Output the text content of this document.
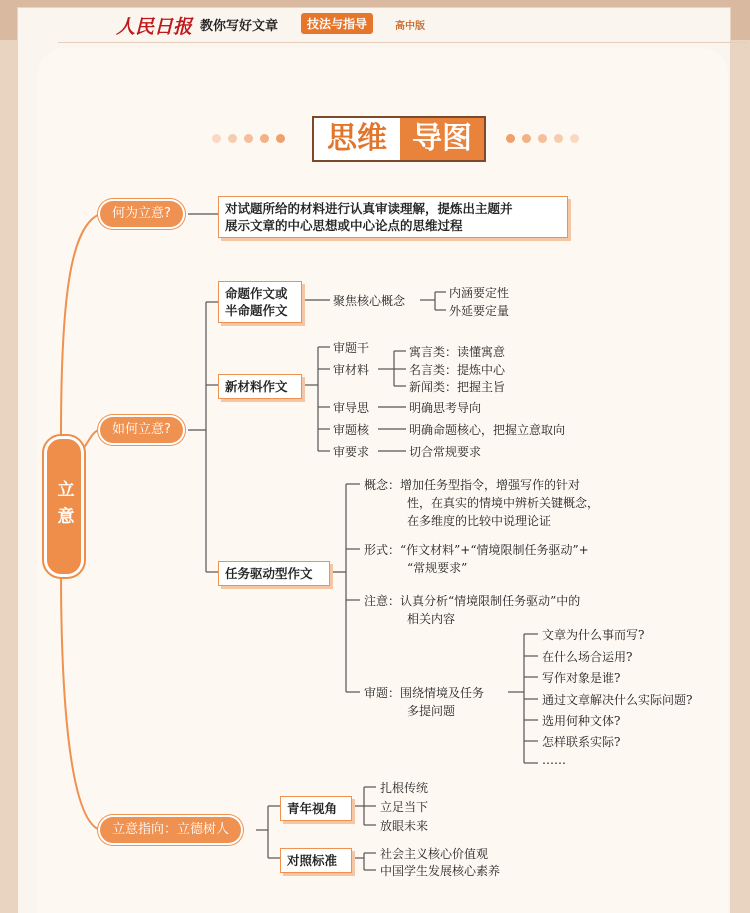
人民日报 教你写好文章	技法与指导	高中版
思维 导图
立意
何为立意?	对试题所给的材料进行认真审读理解，提炼出主题并
展示文章的中心思想或中心论点的思维过程
如何立意?
命题作文或
半命题作文
聚焦核心概念
内涵要定性
外延要定量
新材料作文
审题干
审材料
审导思
审题核
审要求
寓言类：读懂寓意
名言类：提炼中心
新闻类：把握主旨
明确思考导向
明确命题核心，把握立意取向
切合常规要求
任务驱动型作文
概念：增加任务型指令，增强写作的针对
性，在真实的情境中辨析关键概念，
在多维度的比较中说理论证
形式：“作文材料”+“情境限制任务驱动”+
“常规要求”
注意：认真分析“情境限制任务驱动”中的
相关内容
审题：围绕情境及任务
多提问题
文章为什么事而写?
在什么场合运用?
写作对象是谁?
通过文章解决什么实际问题?
选用何种文体?
怎样联系实际?
……
立意指向：立德树人
青年视角
对照标准
扎根传统
立足当下
放眼未来
社会主义核心价值观
中国学生发展核心素养
